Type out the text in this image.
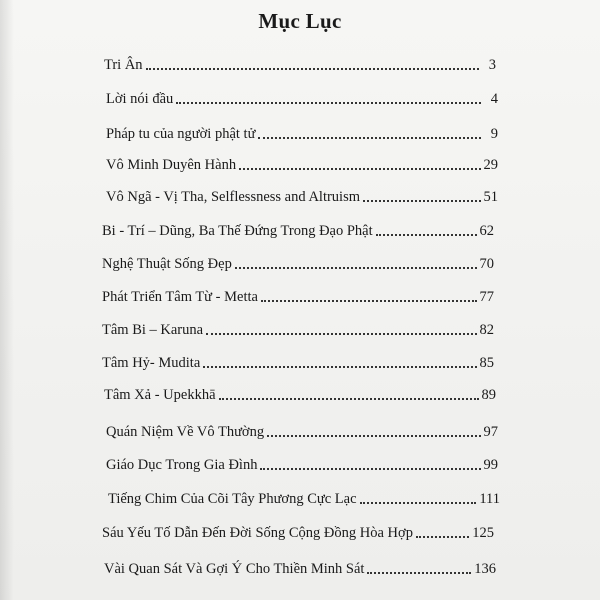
Mục Lục
Tri Ân	3
Lời nói đầu	4
Pháp tu của người phật tử	9
Vô Minh Duyên Hành	29
Vô Ngã - Vị Tha, Selflessness and Altruism	51
Bi - Trí – Dũng, Ba Thế Đứng Trong Đạo Phật	62
Nghệ Thuật Sống Đẹp	70
Phát Triển Tâm Từ - Metta	77
Tâm Bi – Karuna	82
Tâm Hỷ- Mudita	85
Tâm Xả - Upekkhā	89
Quán Niệm Về Vô Thường	97
Giáo Dục Trong Gia Đình	99
Tiếng Chim Của Cõi Tây Phương Cực Lạc	111
Sáu Yếu Tố Dẫn Đến Đời Sống Cộng Đồng Hòa Hợp	125
Vài Quan Sát Và Gợi Ý Cho Thiền Minh Sát	136
